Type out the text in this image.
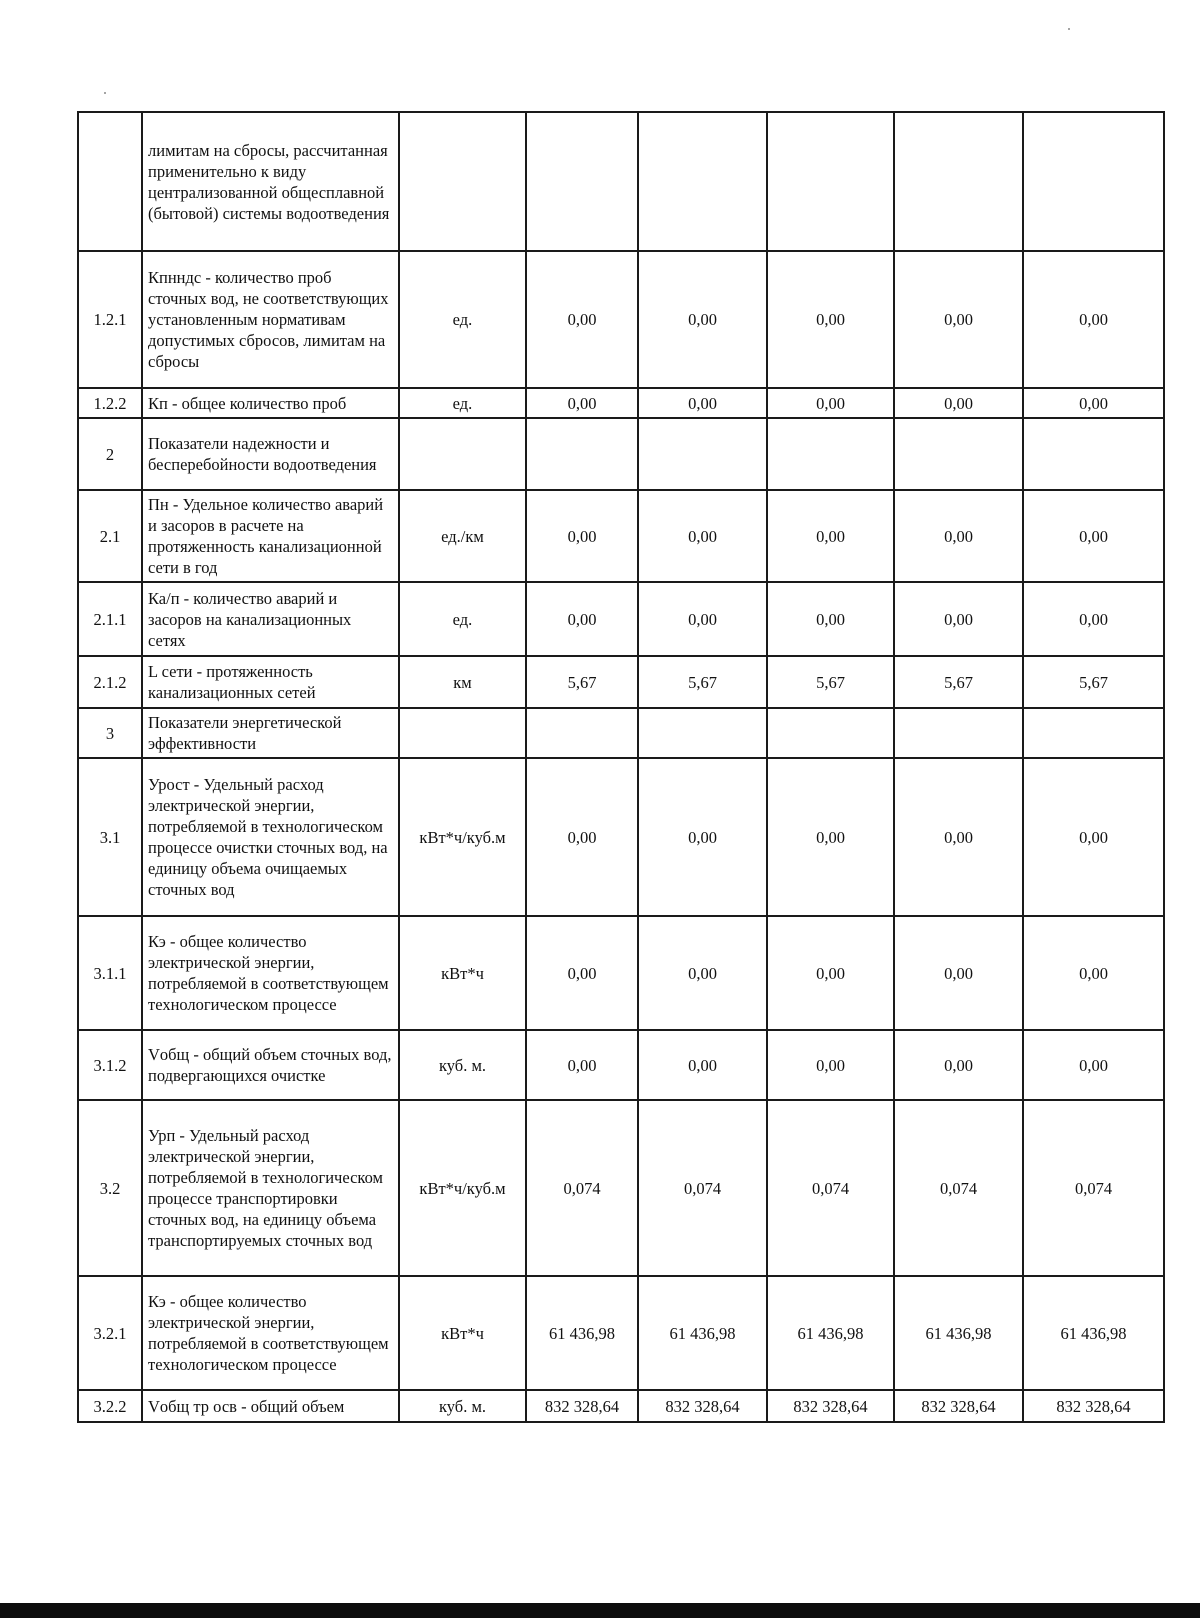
	лимитам на сбросы, рассчитанная применительно к виду централизованной общесплавной (бытовой) системы водоотведения						
1.2.1	Кпнндс - количество проб сточных вод, не соответствующих установленным нормативам допустимых сбросов, лимитам на сбросы	ед.	0,00	0,00	0,00	0,00	0,00
1.2.2	Кп - общее количество проб	ед.	0,00	0,00	0,00	0,00	0,00
2	Показатели надежности и бесперебойности водоотведения						
2.1	Пн - Удельное количество аварий и засоров в расчете на протяженность канализационной сети в год	ед./км	0,00	0,00	0,00	0,00	0,00
2.1.1	Ка/п - количество аварий и засоров на канализационных сетях	ед.	0,00	0,00	0,00	0,00	0,00
2.1.2	L сети - протяженность канализационных сетей	км	5,67	5,67	5,67	5,67	5,67
3	Показатели энергетической эффективности						
3.1	Урост - Удельный расход электрической энергии, потребляемой в технологическом процессе очистки сточных вод, на единицу объема очищаемых сточных вод	кВт*ч/куб.м	0,00	0,00	0,00	0,00	0,00
3.1.1	Кэ - общее количество электрической энергии, потребляемой в соответствующем технологическом процессе	кВт*ч	0,00	0,00	0,00	0,00	0,00
3.1.2	Vобщ - общий объем сточных вод, подвергающихся очистке	куб. м.	0,00	0,00	0,00	0,00	0,00
3.2	Урп - Удельный расход электрической энергии, потребляемой в технологическом процессе транспортировки сточных вод, на единицу объема транспортируемых сточных вод	кВт*ч/куб.м	0,074	0,074	0,074	0,074	0,074
3.2.1	Кэ - общее количество электрической энергии, потребляемой в соответствующем технологическом процессе	кВт*ч	61 436,98	61 436,98	61 436,98	61 436,98	61 436,98
3.2.2	Vобщ тр осв - общий объем	куб. м.	832 328,64	832 328,64	832 328,64	832 328,64	832 328,64
